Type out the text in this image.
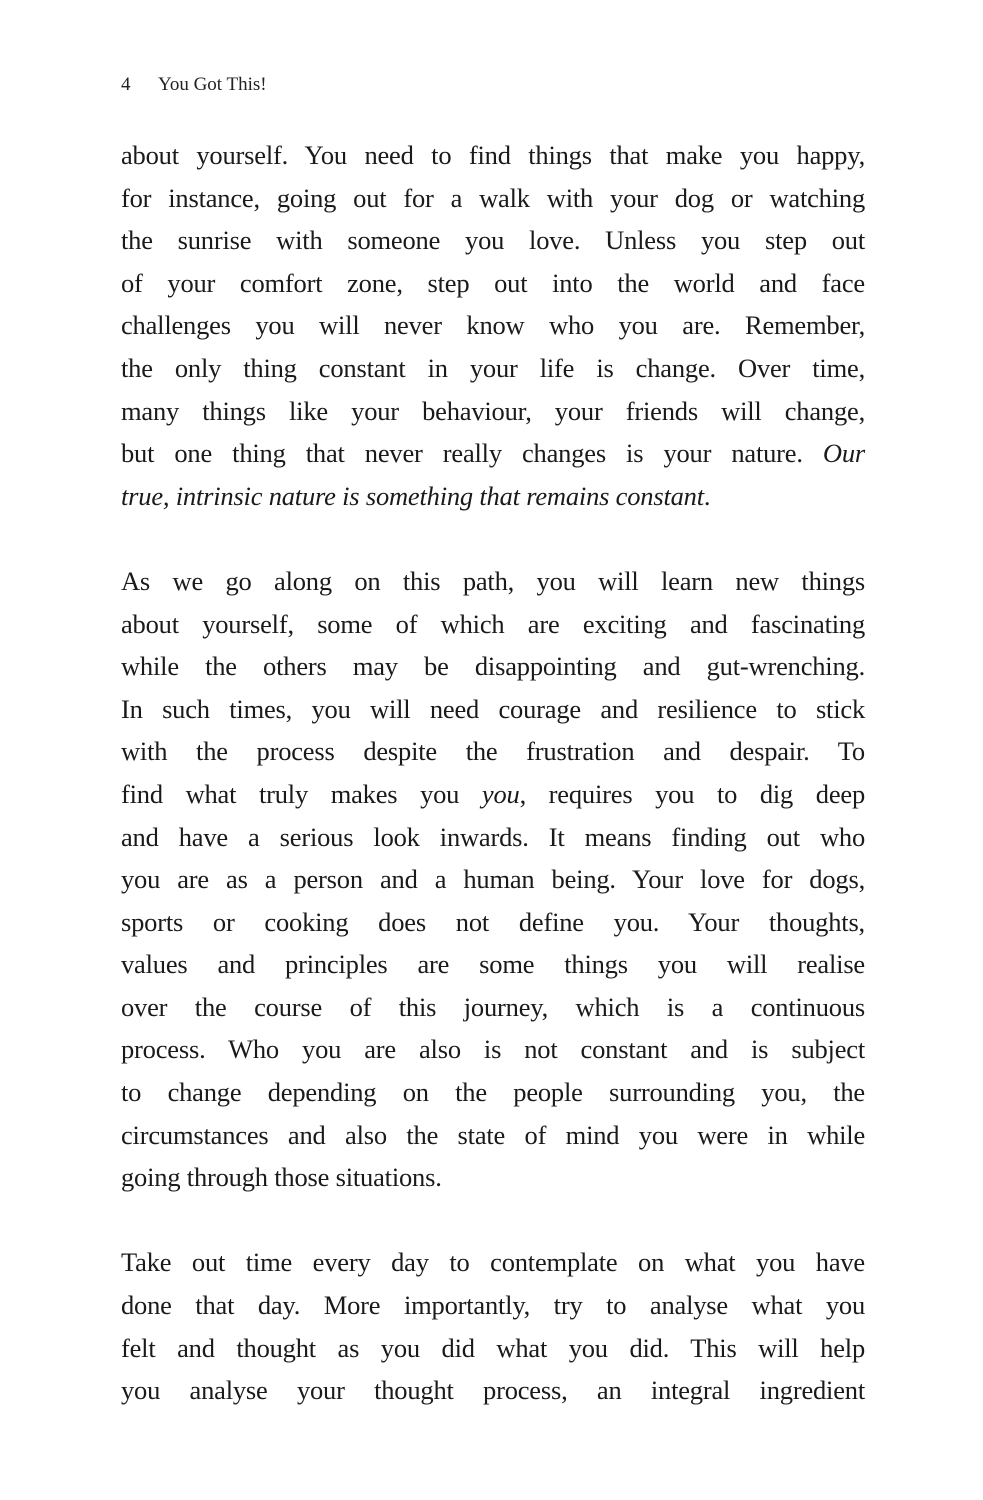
4 You Got This!
about yourself. You need to find things that make you happy,
for instance, going out for a walk with your dog or watching
the sunrise with someone you love. Unless you step out
of your comfort zone, step out into the world and face
challenges you will never know who you are. Remember,
the only thing constant in your life is change. Over time,
many things like your behaviour, your friends will change,
but one thing that never really changes is your nature. Our
true, intrinsic nature is something that remains constant.
As we go along on this path, you will learn new things
about yourself, some of which are exciting and fascinating
while the others may be disappointing and gut-wrenching.
In such times, you will need courage and resilience to stick
with the process despite the frustration and despair. To
find what truly makes you you, requires you to dig deep
and have a serious look inwards. It means finding out who
you are as a person and a human being. Your love for dogs,
sports or cooking does not define you. Your thoughts,
values and principles are some things you will realise
over the course of this journey, which is a continuous
process. Who you are also is not constant and is subject
to change depending on the people surrounding you, the
circumstances and also the state of mind you were in while
going through those situations.
Take out time every day to contemplate on what you have
done that day. More importantly, try to analyse what you
felt and thought as you did what you did. This will help
you analyse your thought process, an integral ingredient
